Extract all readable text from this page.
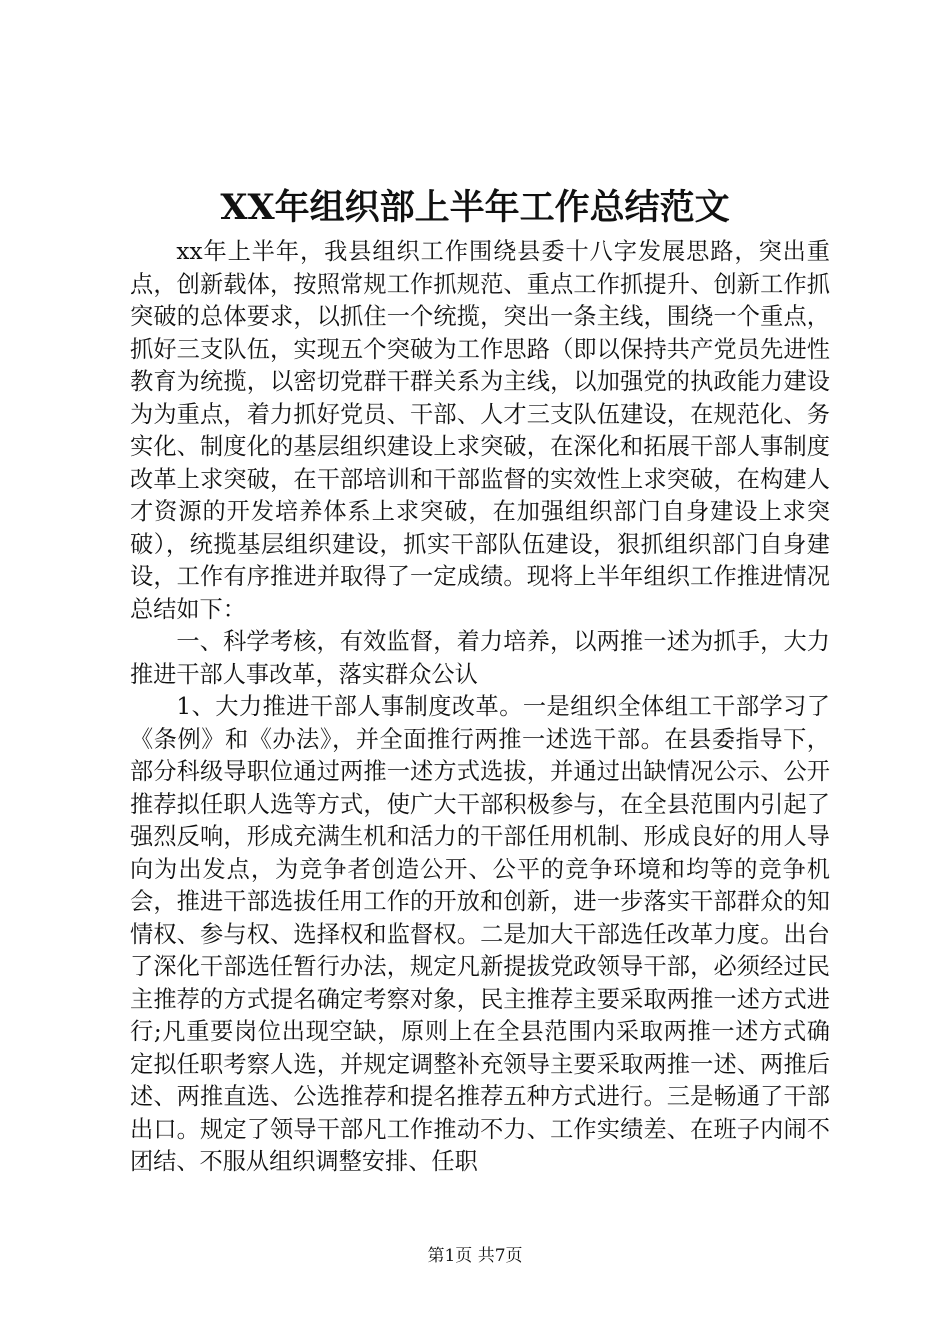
XX年组织部上半年工作总结范文

xx年上半年，我县组织工作围绕县委十八字发展思路，突出重点，创新载体，按照常规工作抓规范、重点工作抓提升、创新工作抓突破的总体要求，以抓住一个统揽，突出一条主线，围绕一个重点，抓好三支队伍，实现五个突破为工作思路（即以保持共产党员先进性教育为统揽，以密切党群干群关系为主线，以加强党的执政能力建设为为重点，着力抓好党员、干部、人才三支队伍建设，在规范化、务实化、制度化的基层组织建设上求突破，在深化和拓展干部人事制度改革上求突破，在干部培训和干部监督的实效性上求突破，在构建人才资源的开发培养体系上求突破，在加强组织部门自身建设上求突破），统揽基层组织建设，抓实干部队伍建设，狠抓组织部门自身建设，工作有序推进并取得了一定成绩。现将上半年组织工作推进情况总结如下：

一、科学考核，有效监督，着力培养，以两推一述为抓手，大力推进干部人事改革，落实群众公认

1、大力推进干部人事制度改革。一是组织全体组工干部学习了《条例》和《办法》，并全面推行两推一述选干部。在县委指导下，部分科级导职位通过两推一述方式选拔，并通过出缺情况公示、公开推荐拟任职人选等方式，使广大干部积极参与，在全县范围内引起了强烈反响，形成充满生机和活力的干部任用机制、形成良好的用人导向为出发点，为竞争者创造公开、公平的竞争环境和均等的竞争机会，推进干部选拔任用工作的开放和创新，进一步落实干部群众的知情权、参与权、选择权和监督权。二是加大干部选任改革力度。出台了深化干部选任暂行办法，规定凡新提拔党政领导干部，必须经过民主推荐的方式提名确定考察对象，民主推荐主要采取两推一述方式进行;凡重要岗位出现空缺，原则上在全县范围内采取两推一述方式确定拟任职考察人选，并规定调整补充领导主要采取两推一述、两推后述、两推直选、公选推荐和提名推荐五种方式进行。三是畅通了干部出口。规定了领导干部凡工作推动不力、工作实绩差、在班子内闹不团结、不服从组织调整安排、任职

第1页 共7页
